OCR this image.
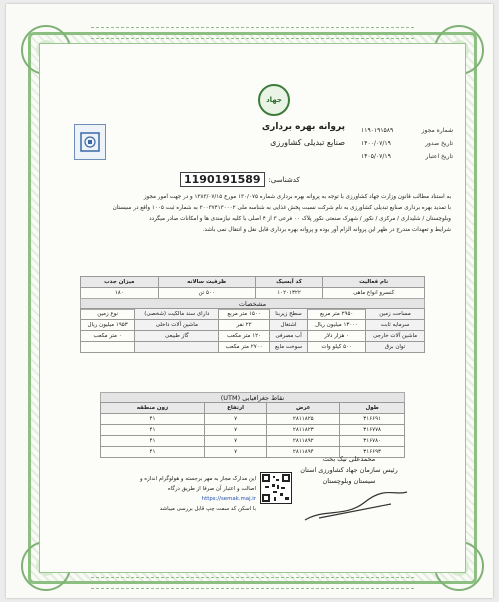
جهاد
پروانه بهره برداری
صنایع تبدیلی کشاورزی
شماره مجوز
۱۱۹۰۱۹۱۵۸۹
تاریخ صدور
۱۴۰۰/۰۷/۱۹
تاریخ اعتبار
۱۴۰۵/۰۷/۱۹
کدشناسی:
1190191589

به استناد مطالب قانون وزارت جهاد کشاورزی با توجه به پروانه بهره برداری شماره ۱۳۰/۰۷۵ مورخ ۱۳۸۳/۰۷/۱۵ و در جهت امور مجوز

با تمدید بهره برداری صنایع تبدیلی کشاورزی به نام شرکت نسبت پخش غذایی به شناسه ملی ۲۰۰۳۷۴۱۳۰۰۰۲ به شماره ثبت ۱۰۰۵ واقع در سیستان

وبلوچستان / شلیداری / مرکزی / نکور / شهرک صنعتی نکور پلاک ۰۰ فرعی ۳ از ۴ اصلی با کلیه نیازمندی ها و امکانات صادر میگردد

شرایط و تعهدات مندرج در ظهر این پروانه الزام آور بوده و پروانه بهره برداری قابل نقل و انتقال نمی باشد.

نام فعالیت	کد آیسیک	ظرفیت سالانه	میزان جذب
کنسرو انواع ماهی	۱۰۲۰۱۳۲۲	۵۰۰ تن	۱۸۰
مشخصات
مساحت زمین	۲۹۵۰ متر مربع	سطح زیربنا	۱۵۰۰ متر مربع	دارای سند مالکیت (شخصی)	نوع زمین
سرمایه ثابت	۱۳۰۰۰ میلیون ریال	اشتغال	۲۲ نفر	ماشین آلات داخلی	۱۹۵۳ میلیون ریال
ماشین آلات خارجی	۰ هزار دلار	آب مصرفی	۱۲۰ متر مکعب	گاز طبیعی	۰ متر مکعب
توان برق	۵۰۰ کیلو وات	سوخت مایع	۲۷۰۰ متر مکعب		
نقاط جغرافیایی (UTM)
طول	عرض	ارتفاع	زون منطقه
۳۱۶۶۹۱	۲۸۱۱۸۲۵	۷	۴۱
۳۱۶۷۷۸	۲۸۱۱۸۲۳	۷	۴۱
۳۱۶۷۸۰	۲۸۱۱۸۹۲	۷	۴۱
۳۱۶۶۹۳	۲۸۱۱۸۹۴	۷	۴۱
محمدعلی نیک بخت
رئیس سازمان جهاد کشاورزی استان
سیستان وبلوچستان
این مدارک مجاز به مهر برجسته و هولوگرام اندازه و
اصالت و اعتبار آن صرفا از طریق درگاه
https://semak.maj.ir
با اسکن کد سمت چپ قابل بررسی میباشد
